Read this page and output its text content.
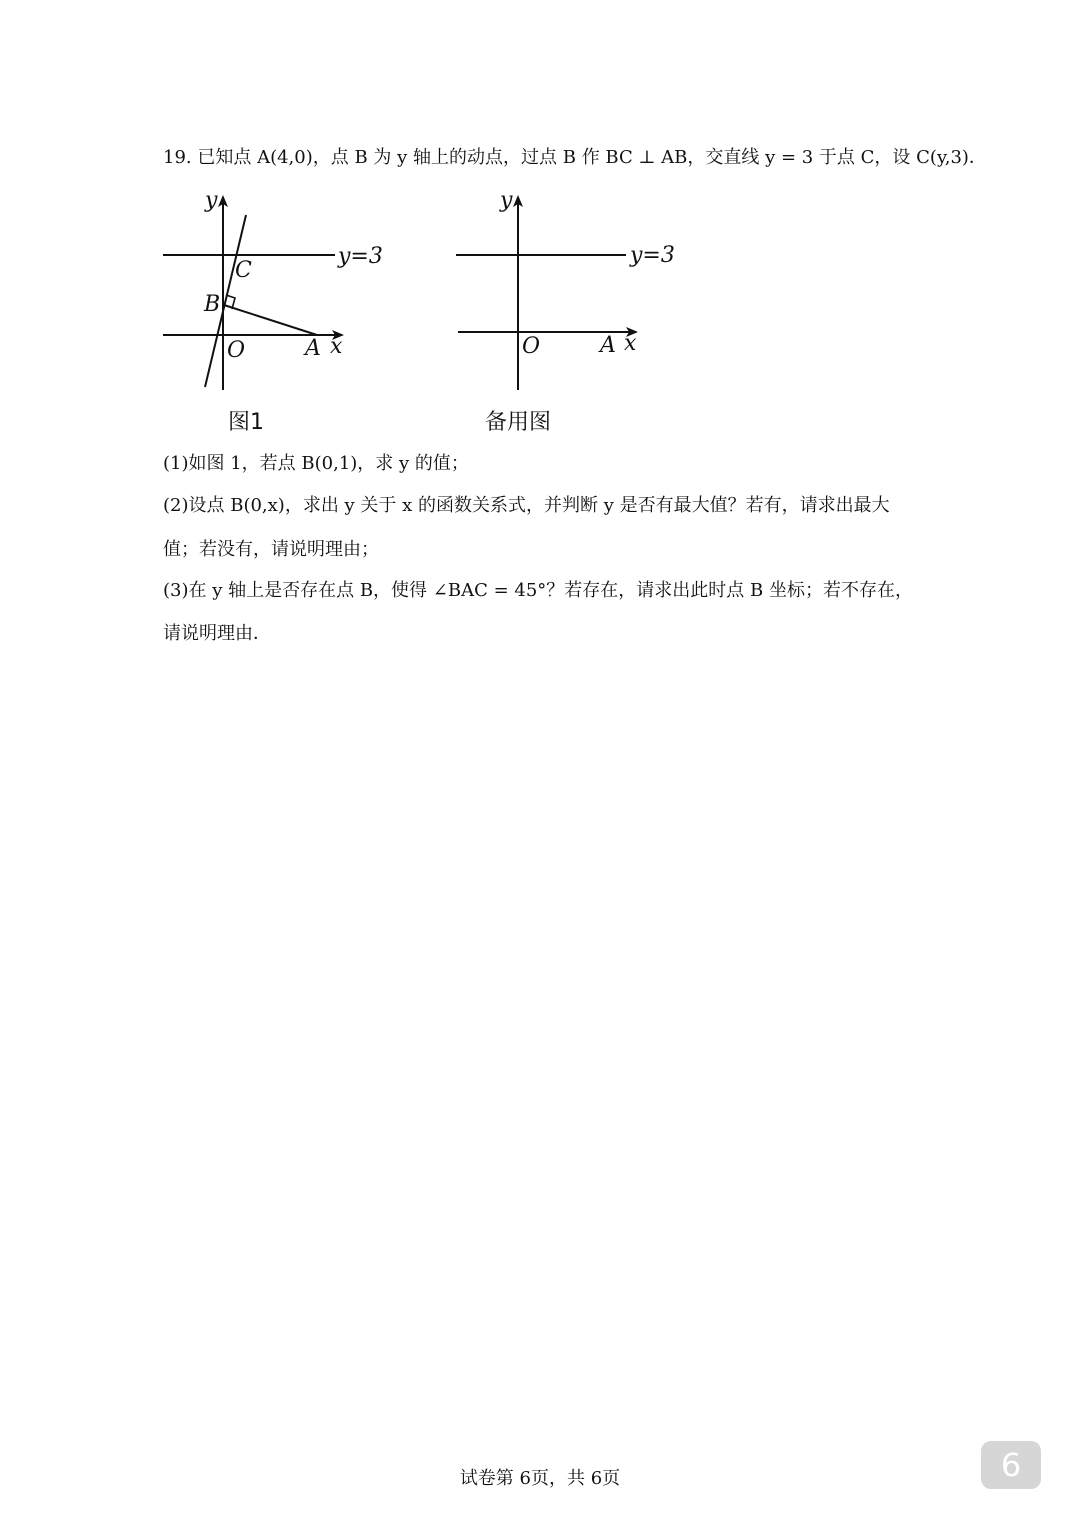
19. 已知点 A(4,0)，点 B 为 y 轴上的动点，过点 B 作 BC ⊥ AB，交直线 y = 3 于点 C，设 C(y,3)．
y
x
y=3
C
B
O	A
图1
y
x
y=3
O	A
备用图
(1)如图 1，若点 B(0,1)，求 y 的值；
(2)设点 B(0,x)，求出 y 关于 x 的函数关系式，并判断 y 是否有最大值？若有，请求出最大
值；若没有，请说明理由；
(3)在 y 轴上是否存在点 B，使得 ∠BAC = 45°？若存在，请求出此时点 B 坐标；若不存在，
请说明理由．
试卷第 6页，共 6页	6
